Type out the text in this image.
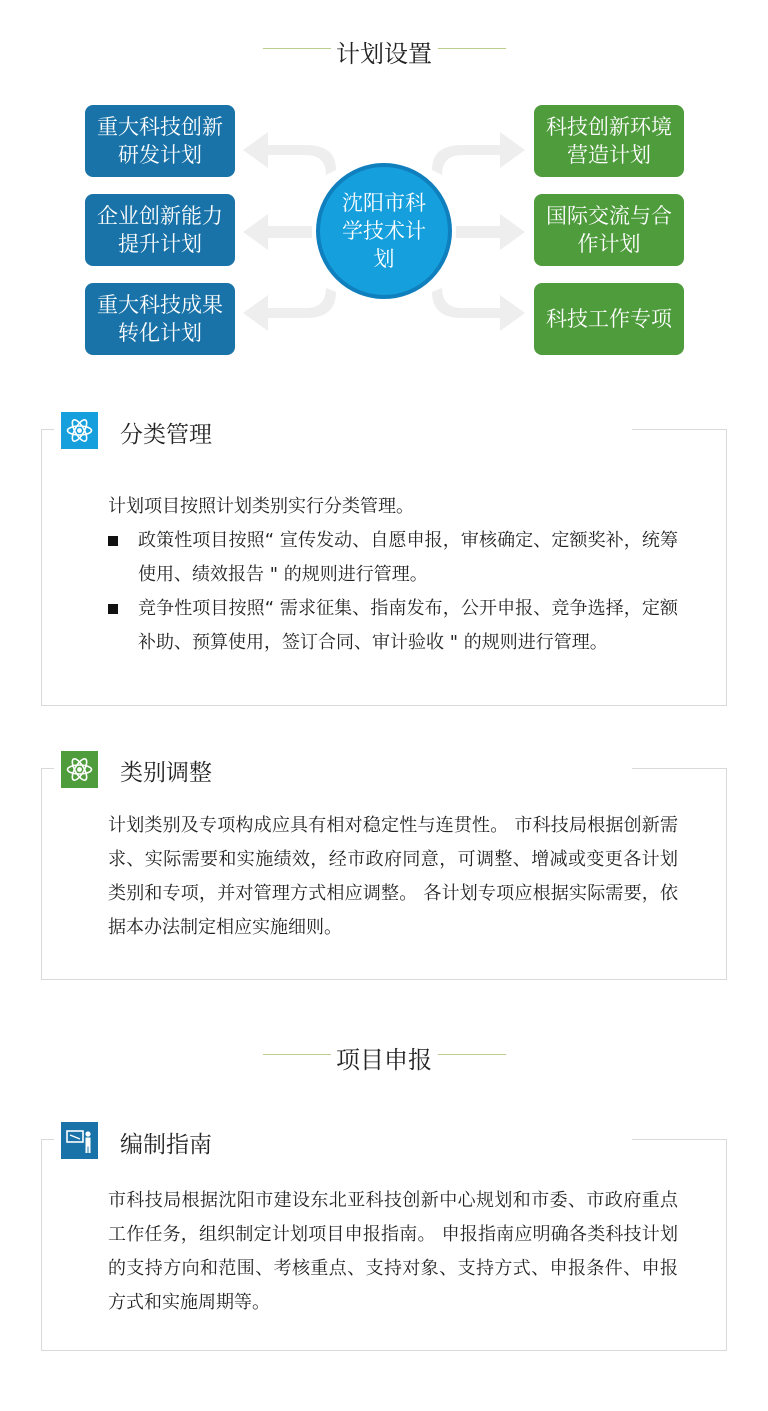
计划设置
重大科技创新研发计划
企业创新能力提升计划
重大科技成果转化计划
沈阳市科学技术计划
科技创新环境营造计划
国际交流与合作计划
科技工作专项
分类管理
计划项目按照计划类别实行分类管理。
政策性项目按照“ 宣传发动、自愿申报，审核确定、定额奖补，统筹使用、绩效报告 " 的规则进行管理。
竞争性项目按照“ 需求征集、指南发布，公开申报、竞争选择，定额补助、预算使用，签订合同、审计验收 " 的规则进行管理。
类别调整
计划类别及专项构成应具有相对稳定性与连贯性。 市科技局根据创新需求、实际需要和实施绩效，经市政府同意，可调整、增减或变更各计划类别和专项，并对管理方式相应调整。 各计划专项应根据实际需要，依据本办法制定相应实施细则。
项目申报
编制指南
市科技局根据沈阳市建设东北亚科技创新中心规划和市委、市政府重点工作任务，组织制定计划项目申报指南。 申报指南应明确各类科技计划的支持方向和范围、考核重点、支持对象、支持方式、申报条件、申报方式和实施周期等。
